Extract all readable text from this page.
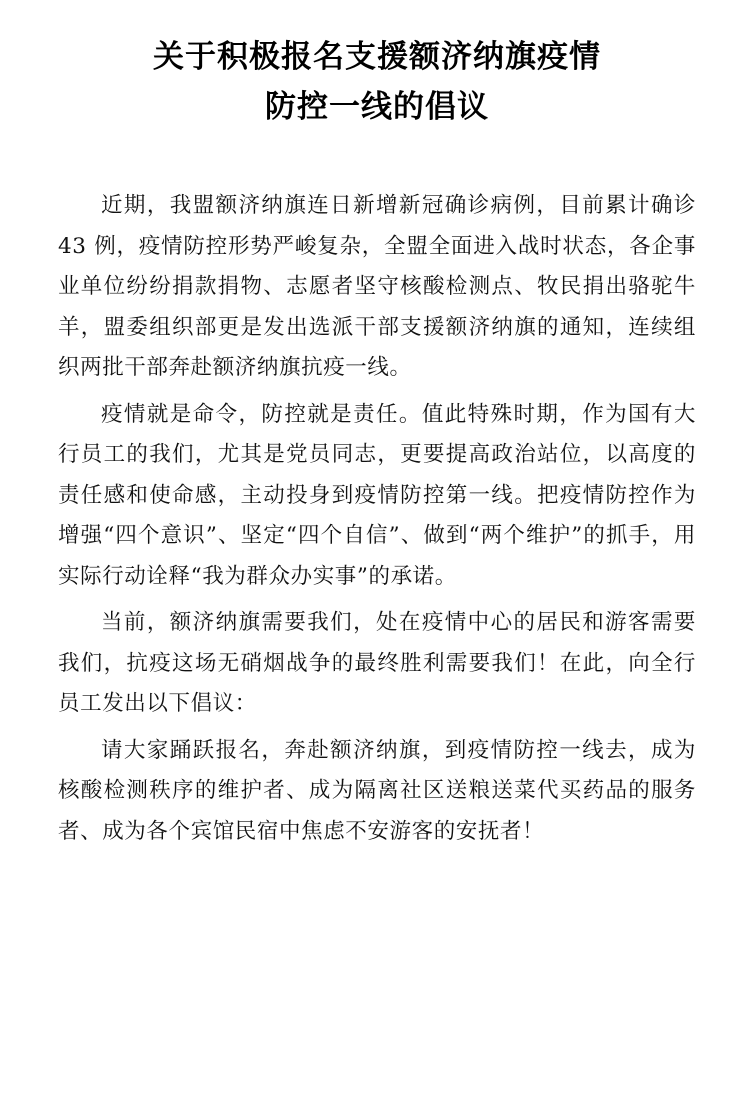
关于积极报名支援额济纳旗疫情
防控一线的倡议

近期，我盟额济纳旗连日新增新冠确诊病例，目前累计确诊 43 例，疫情防控形势严峻复杂，全盟全面进入战时状态，各企事业单位纷纷捐款捐物、志愿者坚守核酸检测点、牧民捐出骆驼牛羊，盟委组织部更是发出选派干部支援额济纳旗的通知，连续组织两批干部奔赴额济纳旗抗疫一线。

疫情就是命令，防控就是责任。值此特殊时期，作为国有大行员工的我们，尤其是党员同志，更要提高政治站位，以高度的责任感和使命感，主动投身到疫情防控第一线。把疫情防控作为增强“四个意识”、坚定“四个自信”、做到“两个维护”的抓手，用实际行动诠释“我为群众办实事”的承诺。

当前，额济纳旗需要我们，处在疫情中心的居民和游客需要我们，抗疫这场无硝烟战争的最终胜利需要我们！在此，向全行员工发出以下倡议：

请大家踊跃报名，奔赴额济纳旗，到疫情防控一线去，成为核酸检测秩序的维护者、成为隔离社区送粮送菜代买药品的服务者、成为各个宾馆民宿中焦虑不安游客的安抚者！
